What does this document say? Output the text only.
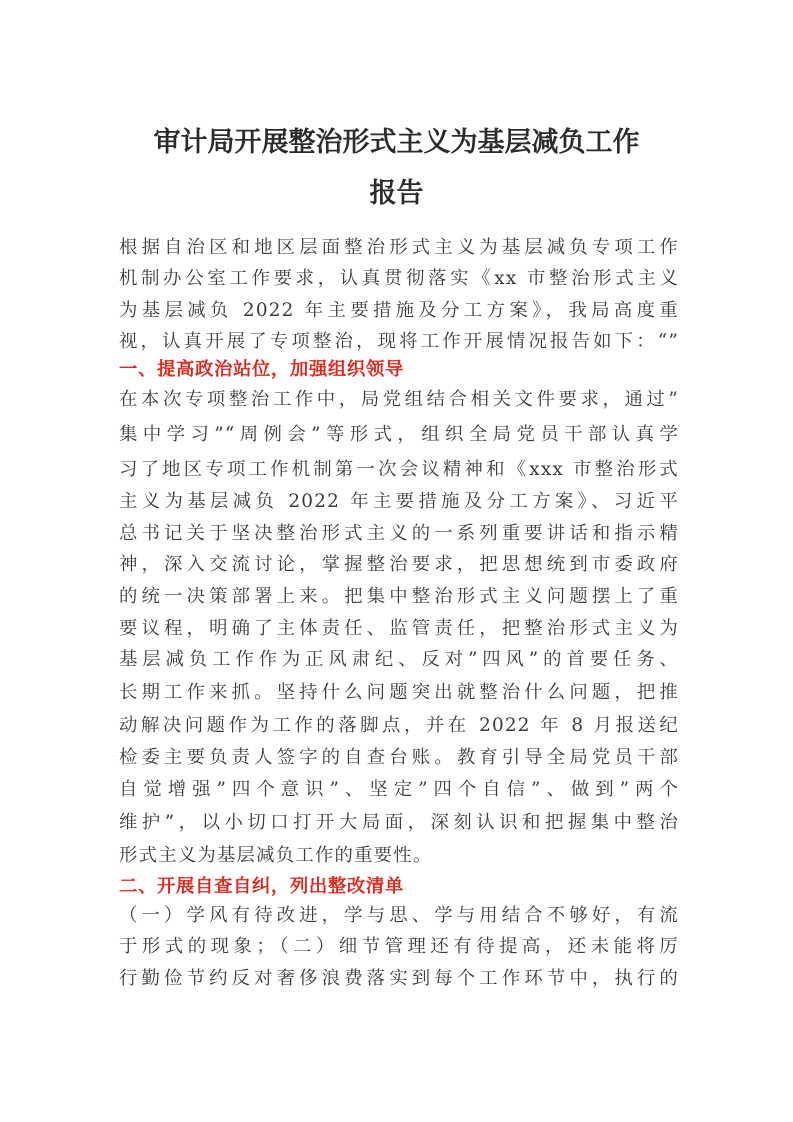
审计局开展整治形式主义为基层减负工作
报告
根据自治区和地区层面整治形式主义为基层减负专项工作
机制办公室工作要求，认真贯彻落实《xx 市整治形式主义
为基层减负 2022 年主要措施及分工方案》，我局高度重
视，认真开展了专项整治，现将工作开展情况报告如下：“”
一、提高政治站位，加强组织领导
在本次专项整治工作中，局党组结合相关文件要求，通过”
集中学习”“周例会”等形式，组织全局党员干部认真学
习了地区专项工作机制第一次会议精神和《xxx 市整治形式
主义为基层减负 2022 年主要措施及分工方案》、习近平
总书记关于坚决整治形式主义的一系列重要讲话和指示精
神，深入交流讨论，掌握整治要求，把思想统到市委政府
的统一决策部署上来。把集中整治形式主义问题摆上了重
要议程，明确了主体责任、监管责任，把整治形式主义为
基层减负工作作为正风肃纪、反对”四风”的首要任务、
长期工作来抓。坚持什么问题突出就整治什么问题，把推
动解决问题作为工作的落脚点，并在 2022 年 8 月报送纪
检委主要负责人签字的自查台账。教育引导全局党员干部
自觉增强”四个意识”、坚定”四个自信”、做到”两个
维护”，以小切口打开大局面，深刻认识和把握集中整治
形式主义为基层减负工作的重要性。
二、开展自查自纠，列出整改清单
（一）学风有待改进，学与思、学与用结合不够好，有流
于形式的现象；（二）细节管理还有待提高，还未能将厉
行勤俭节约反对奢侈浪费落实到每个工作环节中，执行的
